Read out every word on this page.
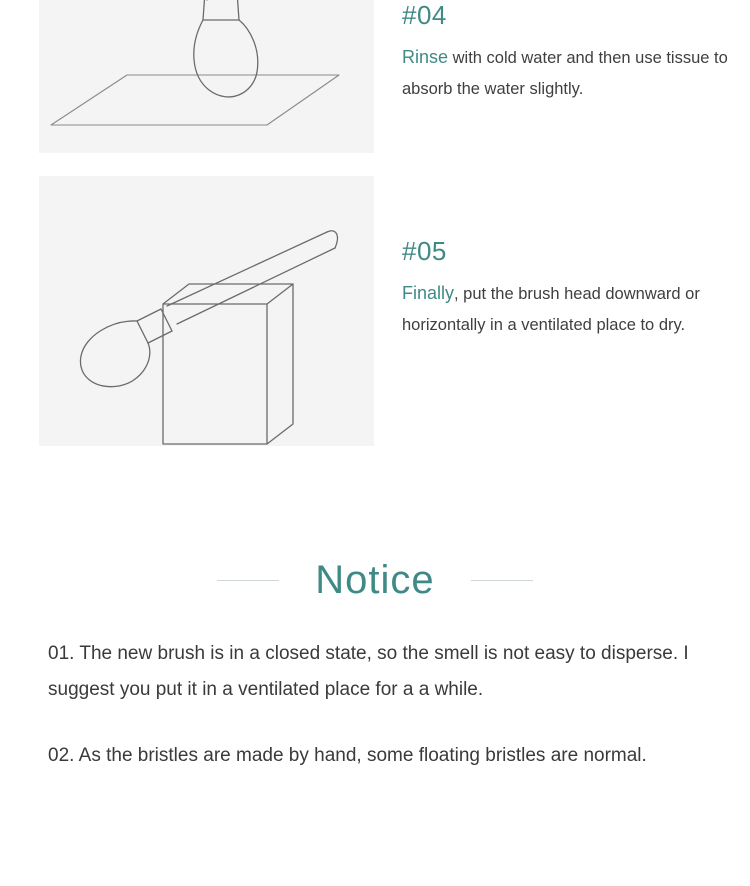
#04
Rinse with cold water and then use tissue to absorb the water slightly.
#05
Finally, put the brush head downward or horizontally in a ventilated place to dry.
Notice

01. The new brush is in a closed state, so the smell is not easy to disperse. I suggest you put it in a ventilated place for a a while.

02. As the bristles are made by hand, some floating bristles are normal.
